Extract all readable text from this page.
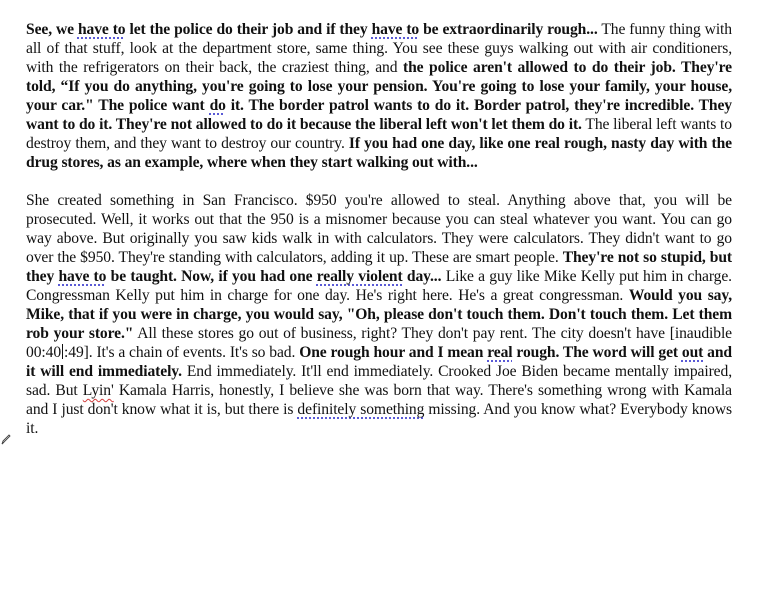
See, we have to let the police do their job and if they have to be extraordinarily rough... The funny thing with all of that stuff, look at the department store, same thing. You see these guys walking out with air conditioners, with the refrigerators on their back, the craziest thing, and the police aren't allowed to do their job. They're told, “If you do anything, you're going to lose your pension. You're going to lose your family, your house, your car." The police want do it. The border patrol wants to do it. Border patrol, they're incredible. They want to do it. They're not allowed to do it because the liberal left won't let them do it. The liberal left wants to destroy them, and they want to destroy our country. If you had one day, like one real rough, nasty day with the drug stores, as an example, where when they start walking out with...

She created something in San Francisco. $950 you're allowed to steal. Anything above that, you will be prosecuted. Well, it works out that the 950 is a misnomer because you can steal whatever you want. You can go way above. But originally you saw kids walk in with calculators. They were calculators. They didn't want to go over the $950. They're standing with calculators, adding it up. These are smart people. They're not so stupid, but they have to be taught. Now, if you had one really violent day... Like a guy like Mike Kelly put him in charge. Congressman Kelly put him in charge for one day. He's right here. He's a great congressman. Would you say, Mike, that if you were in charge, you would say, "Oh, please don't touch them. Don't touch them. Let them rob your store." All these stores go out of business, right? They don't pay rent. The city doesn't have [inaudible 00:40 :49]. It's a chain of events. It's so bad. One rough hour and I mean real rough. The word will get out and it will end immediately. End immediately. It'll end immediately. Crooked Joe Biden became mentally impaired, sad. But Lyin' Kamala Harris, honestly, I believe she was born that way. There's something wrong with Kamala and I just don't know what it is, but there is definitely something missing. And you know what? Everybody knows it.
